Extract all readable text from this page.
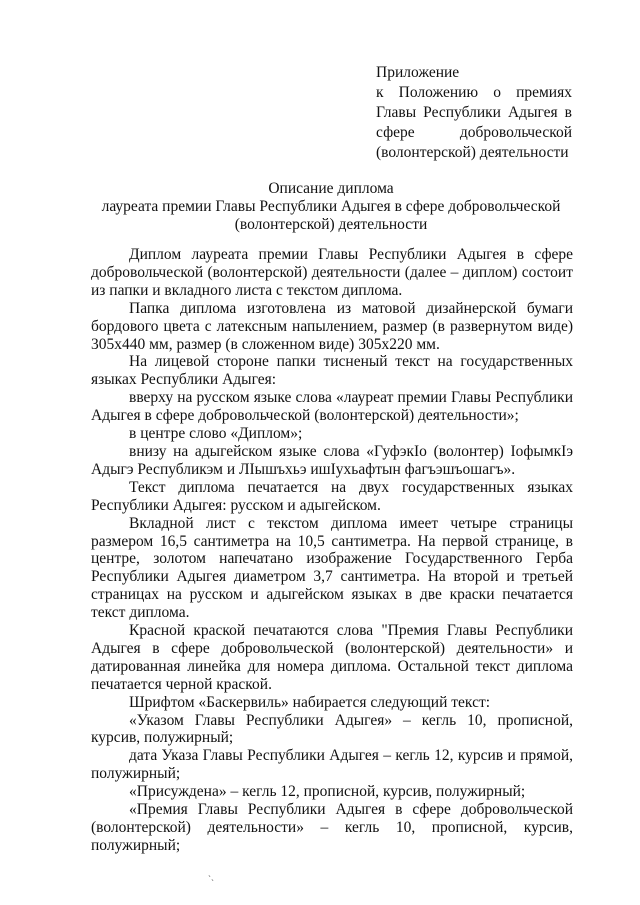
Приложение
к Положению о премиях Главы Республики Адыгея в сфере добровольческой (волонтерской) деятельности
Описание диплома
лауреата премии Главы Республики Адыгея в сфере добровольческой
(волонтерской) деятельности

Диплом лауреата премии Главы Республики Адыгея в сфере добровольческой (волонтерской) деятельности (далее – диплом) состоит из папки и вкладного листа с текстом диплома.

Папка диплома изготовлена из матовой дизайнерской бумаги бордового цвета с латексным напылением, размер (в развернутом виде) 305х440 мм, размер (в сложенном виде) 305х220 мм.

На лицевой стороне папки тисненый текст на государственных языках Республики Адыгея:

вверху на русском языке слова «лауреат премии Главы Республики Адыгея в сфере добровольческой (волонтерской) деятельности»;

в центре слово «Диплом»;

внизу на адыгейском языке слова «ГуфэкIо (волонтер) IофымкIэ Адыгэ Республикэм и ЛIышъхьэ ишIухьафтын фагъэшъошагъ».

Текст диплома печатается на двух государственных языках Республики Адыгея: русском и адыгейском.

Вкладной лист с текстом диплома имеет четыре страницы размером 16,5 сантиметра на 10,5 сантиметра. На первой странице, в центре, золотом напечатано изображение Государственного Герба Республики Адыгея диаметром 3,7 сантиметра. На второй и третьей страницах на русском и адыгейском языках в две краски печатается текст диплома.

Красной краской печатаются слова "Премия Главы Республики Адыгея в сфере добровольческой (волонтерской) деятельности» и датированная линейка для номера диплома. Остальной текст диплома печатается черной краской.

Шрифтом «Баскервиль» набирается следующий текст:

«Указом Главы Республики Адыгея» – кегль 10, прописной, курсив, полужирный;

дата Указа Главы Республики Адыгея – кегль 12, курсив и прямой, полужирный;

«Присуждена» – кегль 12, прописной, курсив, полужирный;

«Премия Главы Республики Адыгея в сфере добровольческой (волонтерской) деятельности» – кегль 10, прописной, курсив, полужирный;

ˋ˴
